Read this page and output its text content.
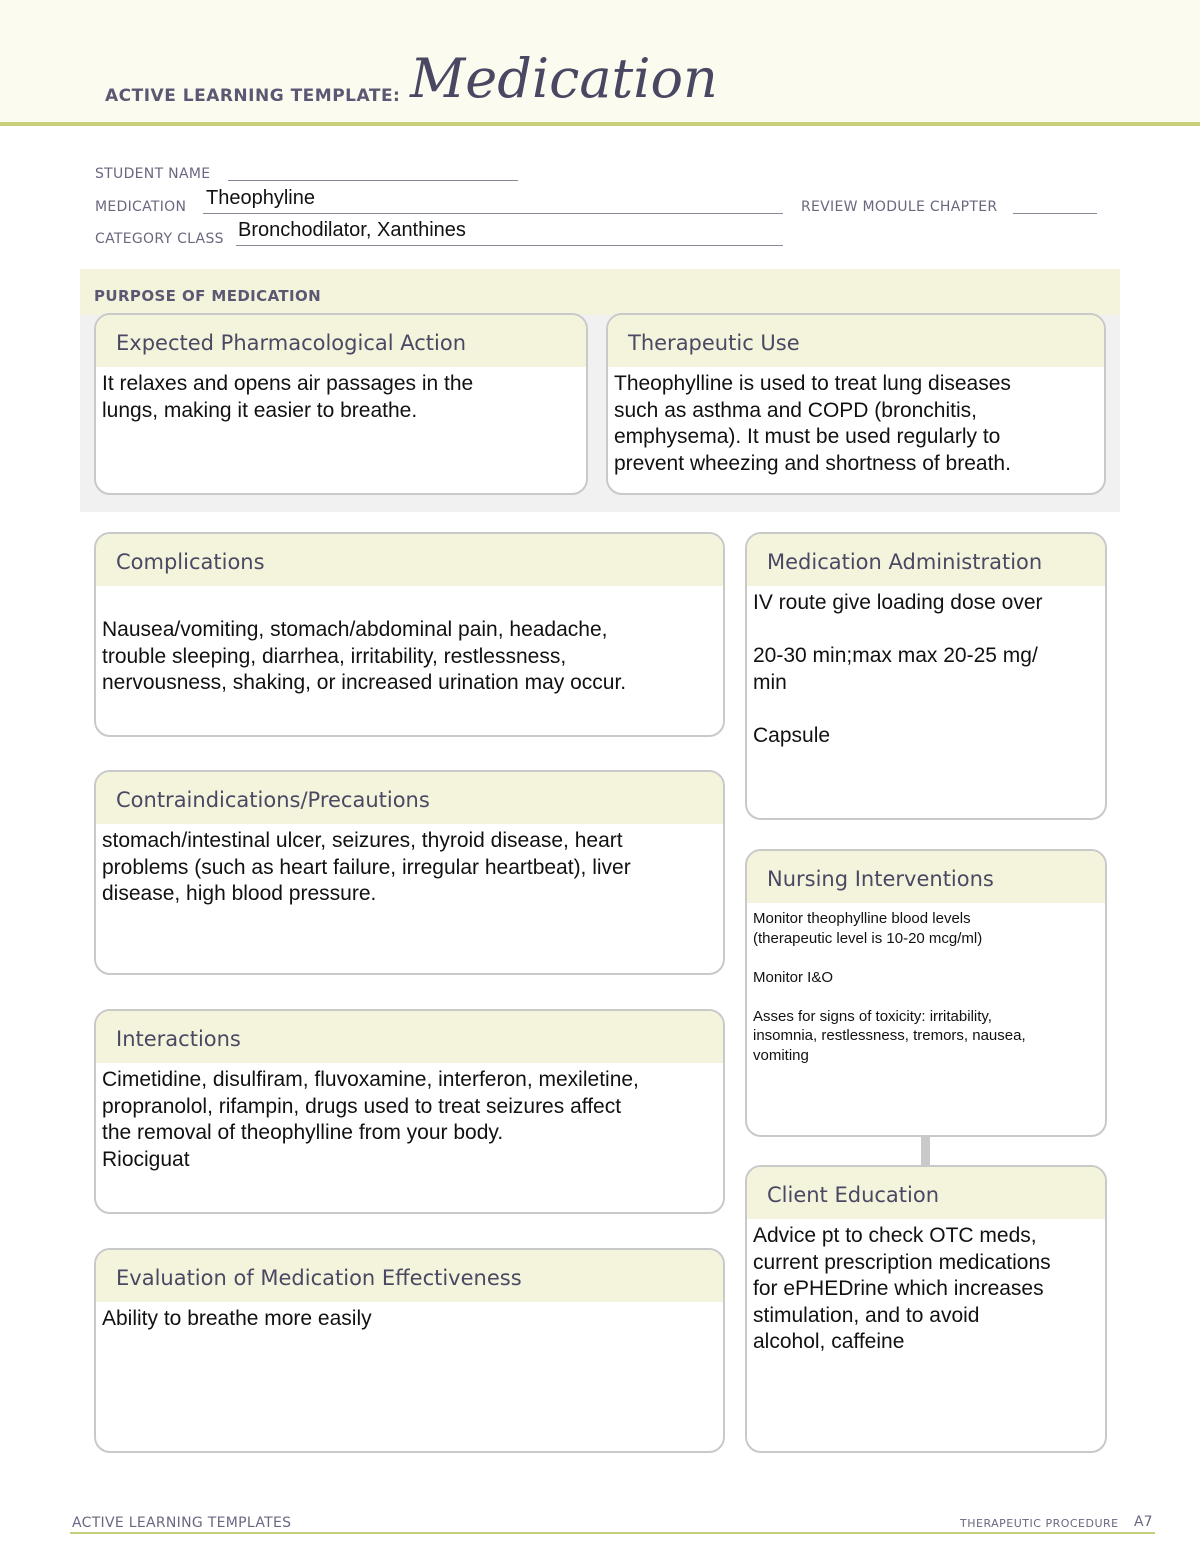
ACTIVE LEARNING TEMPLATE: Medication
STUDENT NAME
MEDICATION Theophyline	REVIEW MODULE CHAPTER
CATEGORY CLASS Bronchodilator, Xanthines
PURPOSE OF MEDICATION
Expected Pharmacological Action
It relaxes and opens air passages in the
lungs, making it easier to breathe.
Therapeutic Use
Theophylline is used to treat lung diseases
such as asthma and COPD (bronchitis,
emphysema). It must be used regularly to
prevent wheezing and shortness of breath.
Complications
Nausea/vomiting, stomach/abdominal pain, headache,
trouble sleeping, diarrhea, irritability, restlessness,
nervousness, shaking, or increased urination may occur.
Contraindications/Precautions
stomach/intestinal ulcer, seizures, thyroid disease, heart
problems (such as heart failure, irregular heartbeat), liver
disease, high blood pressure.
Interactions
Cimetidine, disulfiram, fluvoxamine, interferon, mexiletine,
propranolol, rifampin, drugs used to treat seizures affect
the removal of theophylline from your body.
Riociguat
Evaluation of Medication Effectiveness
Ability to breathe more easily
Medication Administration
IV route give loading dose over

20-30 min;max max 20-25 mg/
min

Capsule
Nursing Interventions
Monitor theophylline blood levels
(therapeutic level is 10-20 mcg/ml)

Monitor I&O

Asses for signs of toxicity: irritability,
insomnia, restlessness, tremors, nausea,
vomiting
Client Education
Advice pt to check OTC meds,
current prescription medications
for ePHEDrine which increases
stimulation, and to avoid
alcohol, caffeine
ACTIVE LEARNING TEMPLATES	THERAPEUTIC PROCEDURE A7
